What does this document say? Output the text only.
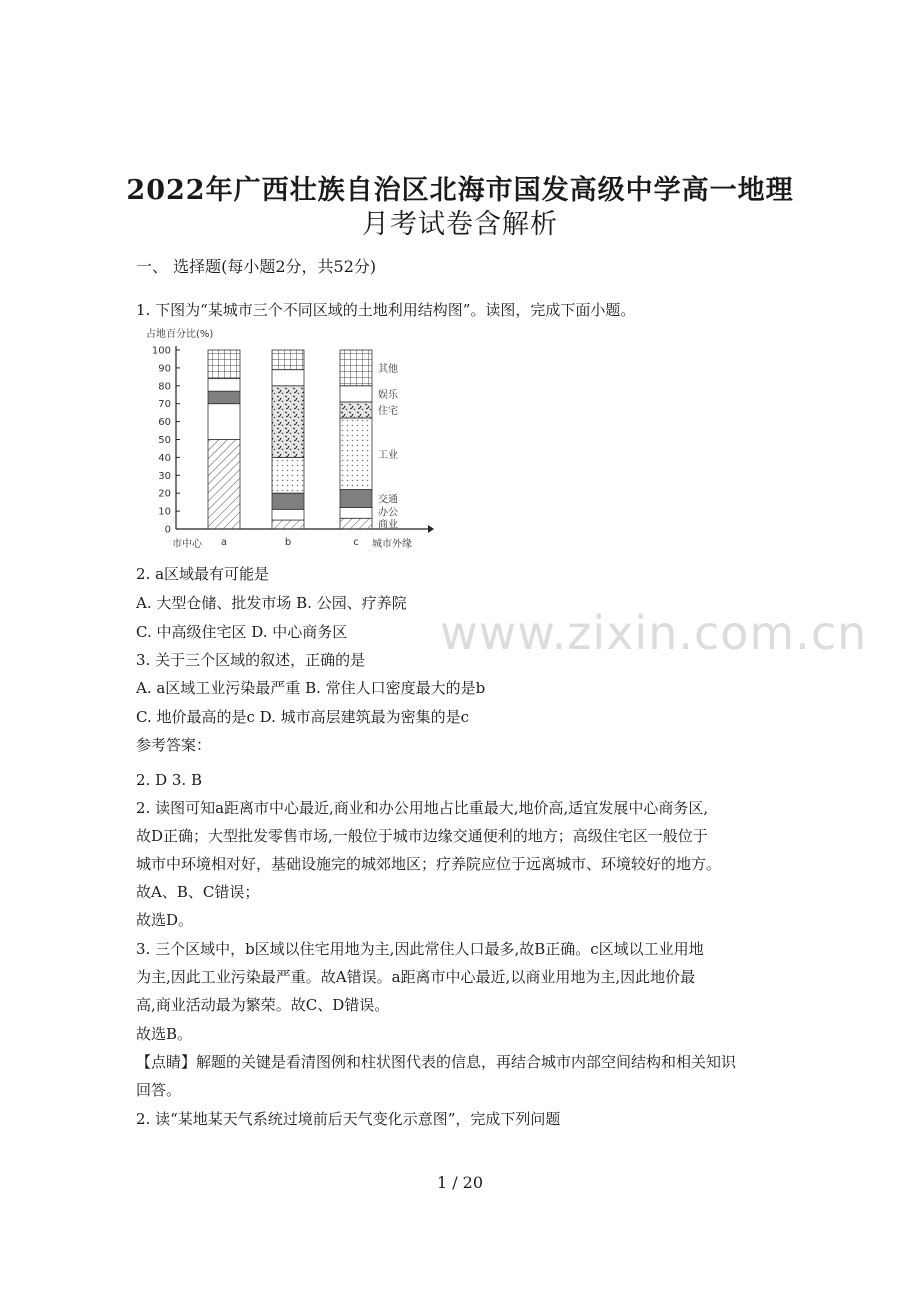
2022年广西壮族自治区北海市国发高级中学高一地理
月考试卷含解析

一、 选择题(每小题2分，共52分)

1. 下图为“某城市三个不同区域的土地利用结构图”。读图，完成下面小题。

占地百分比(%)
0
10
20
30
40
50
60
70
80
90
100
a	b	c
商业
办公
交通
工业
住宅
娱乐
其他
市中心	城市外缘

2. a区域最有可能是

A. 大型仓储、批发市场 B. 公园、疗养院

C. 中高级住宅区 D. 中心商务区

3. 关于三个区域的叙述，正确的是

A. a区域工业污染最严重 B. 常住人口密度最大的是b

C. 地价最高的是c D. 城市高层建筑最为密集的是c

参考答案：

2. D 3. B

2. 读图可知a距离市中心最近,商业和办公用地占比重最大,地价高,适宜发展中心商务区,

故D正确；大型批发零售市场,一般位于城市边缘交通便利的地方；高级住宅区一般位于

城市中环境相对好，基础设施完的城郊地区；疗养院应位于远离城市、环境较好的地方。

故A、B、C错误；

故选D。

3. 三个区域中，b区域以住宅用地为主,因此常住人口最多,故B正确。c区域以工业用地

为主,因此工业污染最严重。故A错误。a距离市中心最近,以商业用地为主,因此地价最

高,商业活动最为繁荣。故C、D错误。

故选B。

【点睛】解题的关键是看清图例和柱状图代表的信息，再结合城市内部空间结构和相关知识

回答。

2. 读“某地某天气系统过境前后天气变化示意图”，完成下列问题

www.zixin.com.cn
1 / 20
